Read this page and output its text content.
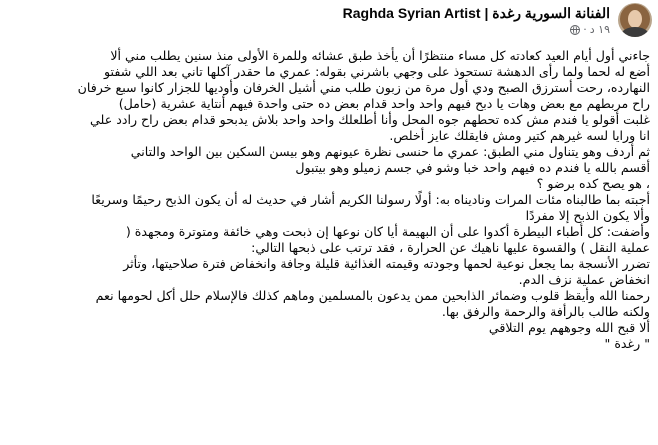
Raghda Syrian Artist | الفنانة السورية رغدة
· ١٩ د

جاءني أول أيام العيد كعادته كل مساء منتظرًا أن يأخذ طبق عشائه وللمرة الأولى منذ سنين يطلب مني ألا

أضع له لحما ولما رأى الدهشة تستحوذ على وجهي باشرني بقوله: عمري ما حقدر آكلها تاني بعد اللي شفتو

النهارده، رحت أسترزق الصبح ودي أول مرة من زبون طلب مني أشيل الخرفان وأوديها للجزار كانوا سبع خرفان

راح مربطهم مع بعض وهات يا دبح فيهم واحد واحد قدام بعض ده حتى واحدة فيهم أنتاية عشرية (حامل)

غلبت أقولو يا فندم مش كده تحطهم جوه المحل وأنا أطلعلك واحد واحد بلاش يدبحو قدام بعض راح رادد علي

انا ورايا لسه غيرهم كتير ومش فايقلك عايز أخلص.

ثم أردف وهو يتناول مني الطبق: عمري ما حنسى نظرة عيونهم وهو بيسن السكين بين الواحد والتاني

أقسم بالله يا فندم ده فيهم واحد خبا وشو في جسم زميلو وهو بيتبول

، هو يصح كده برضو ؟

أجبته بما طالبناه مئات المرات وناديناه به: أولًا رسولنا الكريم أشار في حديث له أن يكون الذبح رحيمًا وسريعًا

وألا يكون الذبح إلا مفردًا

وأضفت: كل أطباء البيطرة أكدوا على أن البهيمة أيا كان نوعها إن ذبحت وهي خائفة ومتوترة ومجهدة (

عملية النقل ) والقسوة عليها ناهيك عن الحرارة ، فقد ترتب على ذبحها التالي:

تضرر الأنسجة بما يجعل نوعية لحمها وجودته وقيمته الغذائية قليلة وجافة وانخفاض فترة صلاحيتها، وتأثر

انخفاض عملية نزف الدم.

رحمنا الله وأيقظ قلوب وضمائر الذابحين ممن يدعون بالمسلمين وماهم كذلك فالإسلام حلل أكل لحومها نعم

ولكنه طالب بالرأفة والرحمة والرفق بها.

ألا قبح الله وجوههم يوم التلاقي

" رغدة "
